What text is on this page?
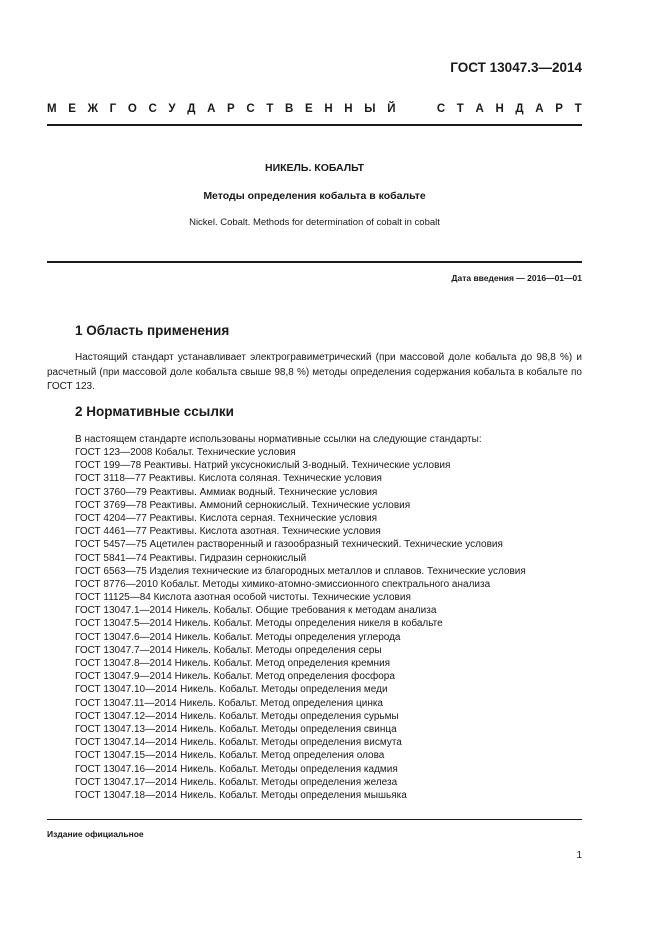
ГОСТ 13047.3—2014
М Е Ж Г О С У Д А Р С Т В Е Н Н Ы Й

	С Т А Н Д А Р Т
НИКЕЛЬ. КОБАЛЬТ
Методы определения кобальта в кобальте
Nickel. Cobalt. Methods for determination of cobalt in cobalt
Дата введения — 2016—01—01
1 Область применения

Настоящий стандарт устанавливает электрогравиметрический (при массовой доле кобальта до 98,8 %) и расчетный (при массовой доле кобальта свыше 98,8 %) методы определения содержания кобальта в кобальте по ГОСТ 123.

2 Нормативные ссылки
В настоящем стандарте использованы нормативные ссылки на следующие стандарты:
ГОСТ 123—2008 Кобальт. Технические условия
ГОСТ 199—78 Реактивы. Натрий уксуснокислый 3-водный. Технические условия
ГОСТ 3118—77 Реактивы. Кислота соляная. Технические условия
ГОСТ 3760—79 Реактивы. Аммиак водный. Технические условия
ГОСТ 3769—78 Реактивы. Аммоний сернокислый. Технические условия
ГОСТ 4204—77 Реактивы. Кислота серная. Технические условия
ГОСТ 4461—77 Реактивы. Кислота азотная. Технические условия
ГОСТ 5457—75 Ацетилен растворенный и газообразный технический. Технические условия
ГОСТ 5841—74 Реактивы. Гидразин сернокислый
ГОСТ 6563—75 Изделия технические из благородных металлов и сплавов. Технические условия
ГОСТ 8776—2010 Кобальт. Методы химико-атомно-эмиссионного спектрального анализа
ГОСТ 11125—84 Кислота азотная особой чистоты. Технические условия
ГОСТ 13047.1—2014 Никель. Кобальт. Общие требования к методам анализа
ГОСТ 13047.5—2014 Никель. Кобальт. Методы определения никеля в кобальте
ГОСТ 13047.6—2014 Никель. Кобальт. Методы определения углерода
ГОСТ 13047.7—2014 Никель. Кобальт. Методы определения серы
ГОСТ 13047.8—2014 Никель. Кобальт. Метод определения кремния
ГОСТ 13047.9—2014 Никель. Кобальт. Метод определения фосфора
ГОСТ 13047.10—2014 Никель. Кобальт. Методы определения меди
ГОСТ 13047.11—2014 Никель. Кобальт. Метод определения цинка
ГОСТ 13047.12—2014 Никель. Кобальт. Методы определения сурьмы
ГОСТ 13047.13—2014 Никель. Кобальт. Методы определения свинца
ГОСТ 13047.14—2014 Никель. Кобальт. Методы определения висмута
ГОСТ 13047.15—2014 Никель. Кобальт. Метод определения олова
ГОСТ 13047.16—2014 Никель. Кобальт. Методы определения кадмия
ГОСТ 13047.17—2014 Никель. Кобальт. Методы определения железа
ГОСТ 13047.18—2014 Никель. Кобальт. Методы определения мышьяка
Издание официальное
1
